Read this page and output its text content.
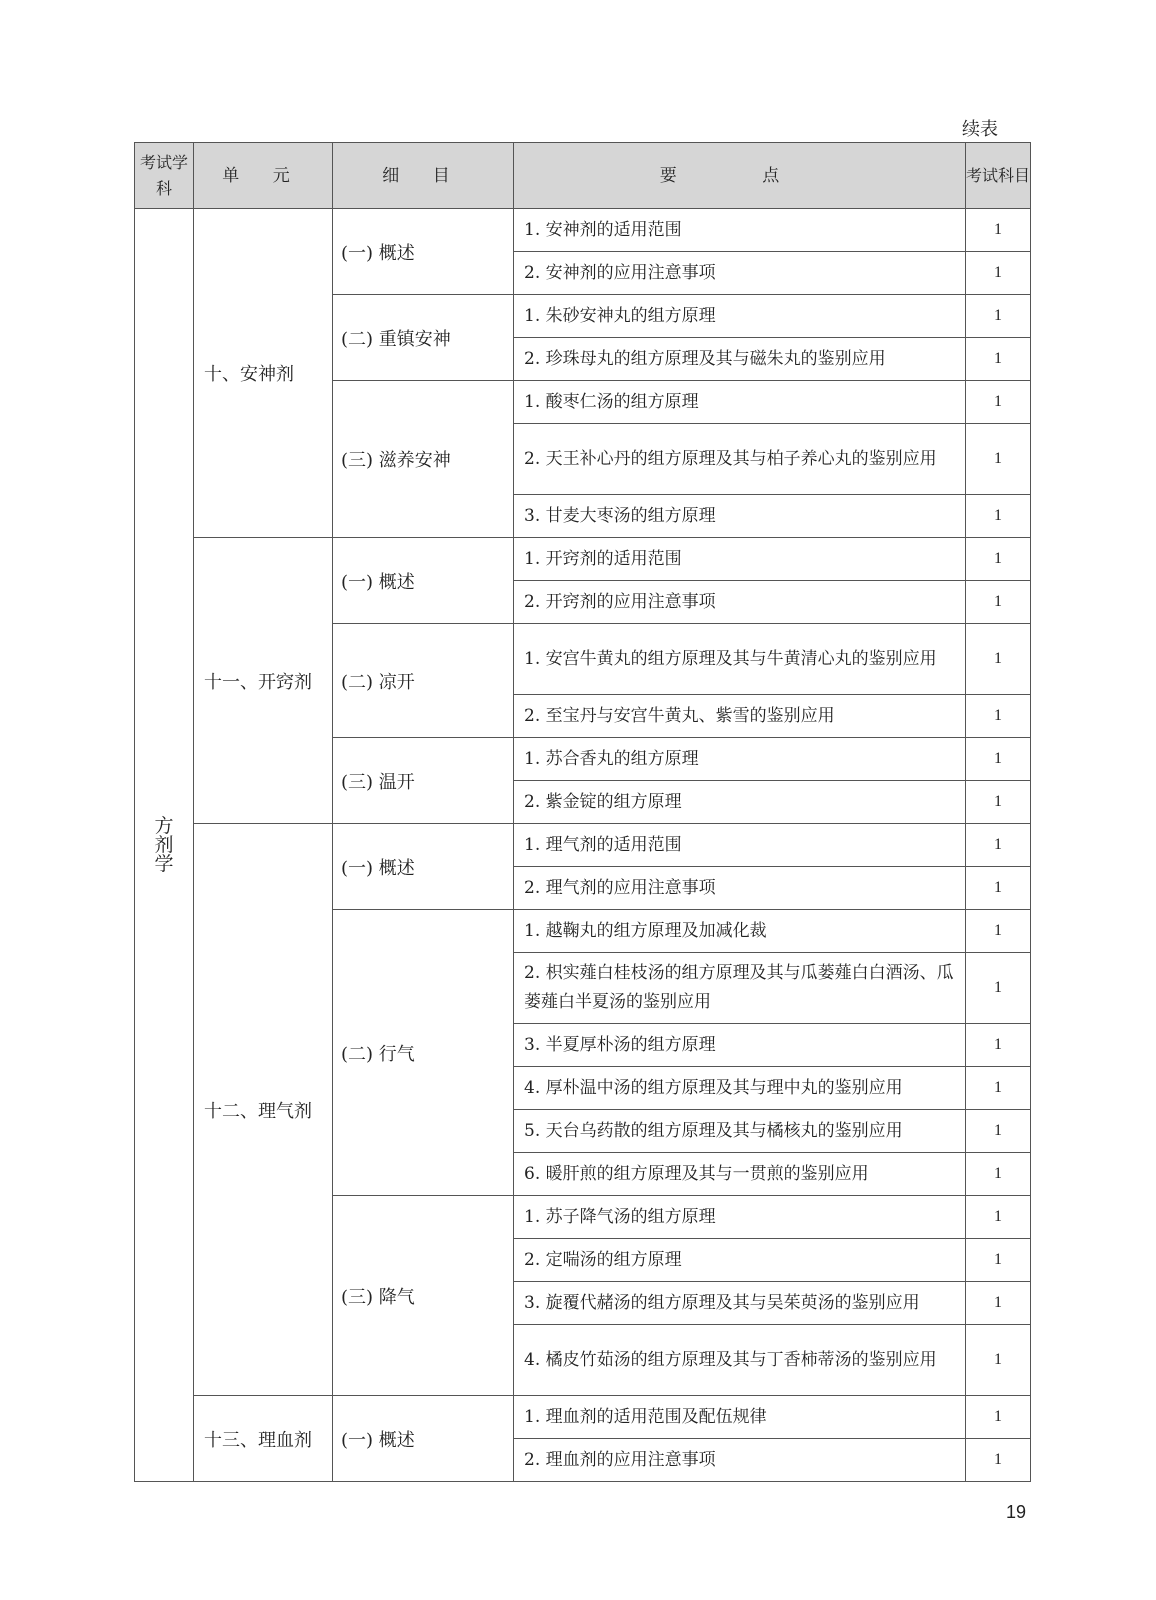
续表
考试学科	单 元	细 目	要 点	考试科目
方剂学	十、安神剂	(一) 概述	1. 安神剂的适用范围	1
			2. 安神剂的应用注意事项	1
		(二) 重镇安神	1. 朱砂安神丸的组方原理	1
			2. 珍珠母丸的组方原理及其与磁朱丸的鉴别应用	1
		(三) 滋养安神	1. 酸枣仁汤的组方原理	1
			2. 天王补心丹的组方原理及其与柏子养心丸的鉴别应用	1
			3. 甘麦大枣汤的组方原理	1
	十一、开窍剂	(一) 概述	1. 开窍剂的适用范围	1
			2. 开窍剂的应用注意事项	1
		(二) 凉开	1. 安宫牛黄丸的组方原理及其与牛黄清心丸的鉴别应用	1
			2. 至宝丹与安宫牛黄丸、紫雪的鉴别应用	1
		(三) 温开	1. 苏合香丸的组方原理	1
			2. 紫金锭的组方原理	1
	十二、理气剂	(一) 概述	1. 理气剂的适用范围	1
			2. 理气剂的应用注意事项	1
		(二) 行气	1. 越鞠丸的组方原理及加减化裁	1
			2. 枳实薤白桂枝汤的组方原理及其与瓜蒌薤白白酒汤、瓜蒌薤白半夏汤的鉴别应用	1
			3. 半夏厚朴汤的组方原理	1
			4. 厚朴温中汤的组方原理及其与理中丸的鉴别应用	1
			5. 天台乌药散的组方原理及其与橘核丸的鉴别应用	1
			6. 暖肝煎的组方原理及其与一贯煎的鉴别应用	1
		(三) 降气	1. 苏子降气汤的组方原理	1
			2. 定喘汤的组方原理	1
			3. 旋覆代赭汤的组方原理及其与吴茱萸汤的鉴别应用	1
			4. 橘皮竹茹汤的组方原理及其与丁香柿蒂汤的鉴别应用	1
	十三、理血剂	(一) 概述	1. 理血剂的适用范围及配伍规律	1
			2. 理血剂的应用注意事项	1
19
